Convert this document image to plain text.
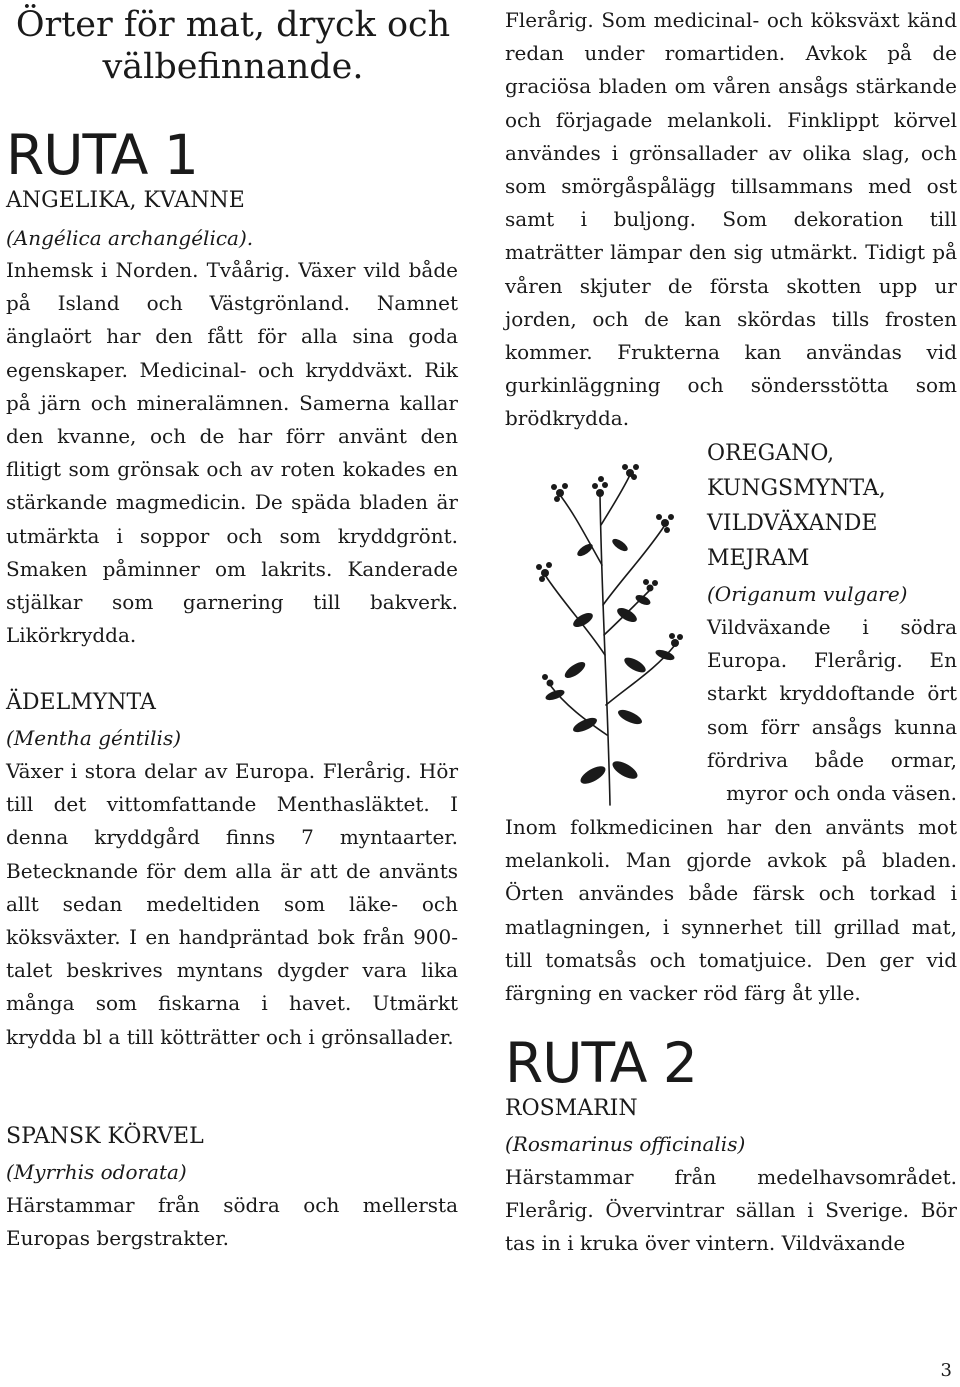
Örter för mat, dryck och välbefinnande.
RUTA 1
ANGELIKA, KVANNE
(Angélica archangélica).

Inhemsk i Norden. Tvåårig. Växer vild både på Island och Västgrönland. Namnet änglaört har den fått för alla sina goda egenskaper. Medicinal- och kryddväxt. Rik på järn och mineralämnen. Samerna kallar den kvanne, och de har förr använt den flitigt som grönsak och av roten kokades en stärkande magmedicin. De späda bladen är utmärkta i soppor och som kryddgrönt. Smaken påminner om lakrits. Kanderade stjälkar som garnering till bakverk. Likörkrydda.

ÄDELMYNTA
(Mentha géntilis)

Växer i stora delar av Europa. Flerårig. Hör till det vittomfattande Menthasläktet. I denna kryddgård finns 7 myntaarter. Betecknande för dem alla är att de använts allt sedan medeltiden som läke- och köksväxter. I en handpräntad bok från 900-talet beskrives myntans dygder vara lika många som fiskarna i havet. Utmärkt krydda bl a till kötträtter och i grönsallader.

SPANSK KÖRVEL
(Myrrhis odorata)

Härstammar från södra och mellersta Europas bergstrakter.

Flerårig. Som medicinal- och köksväxt känd redan under romartiden. Avkok på de graciösa bladen om våren ansågs stärkande och förjagade melankoli. Finklippt körvel användes i grönsallader av olika slag, och som smörgåspålägg tillsammans med ost samt i buljong. Som dekoration till maträtter lämpar den sig utmärkt. Tidigt på våren skjuter de första skotten upp ur jorden, och de kan skördas tills frosten kommer. Frukterna kan användas vid gurkinläggning och söndersstötta som brödkrydda.

OREGANO, KUNGSMYNTA, VILDVÄXANDE MEJRAM
(Origanum vulgare)

Vildväxande i södra Europa. Flerårig. En starkt kryddoftande ört som förr ansågs kunna fördriva både ormar, myror och onda väsen.

Inom folkmedicinen har den använts mot melankoli. Man gjorde avkok på bladen. Örten användes både färsk och torkad i matlagningen, i synnerhet till grillad mat, till tomatsås och tomatjuice. Den ger vid färgning en vacker röd färg åt ylle.

RUTA 2
ROSMARIN
(Rosmarinus officinalis)

Härstammar från medelhavsområdet. Flerårig. Övervintrar sällan i Sverige. Bör tas in i kruka över vintern. Vildväxande

3
